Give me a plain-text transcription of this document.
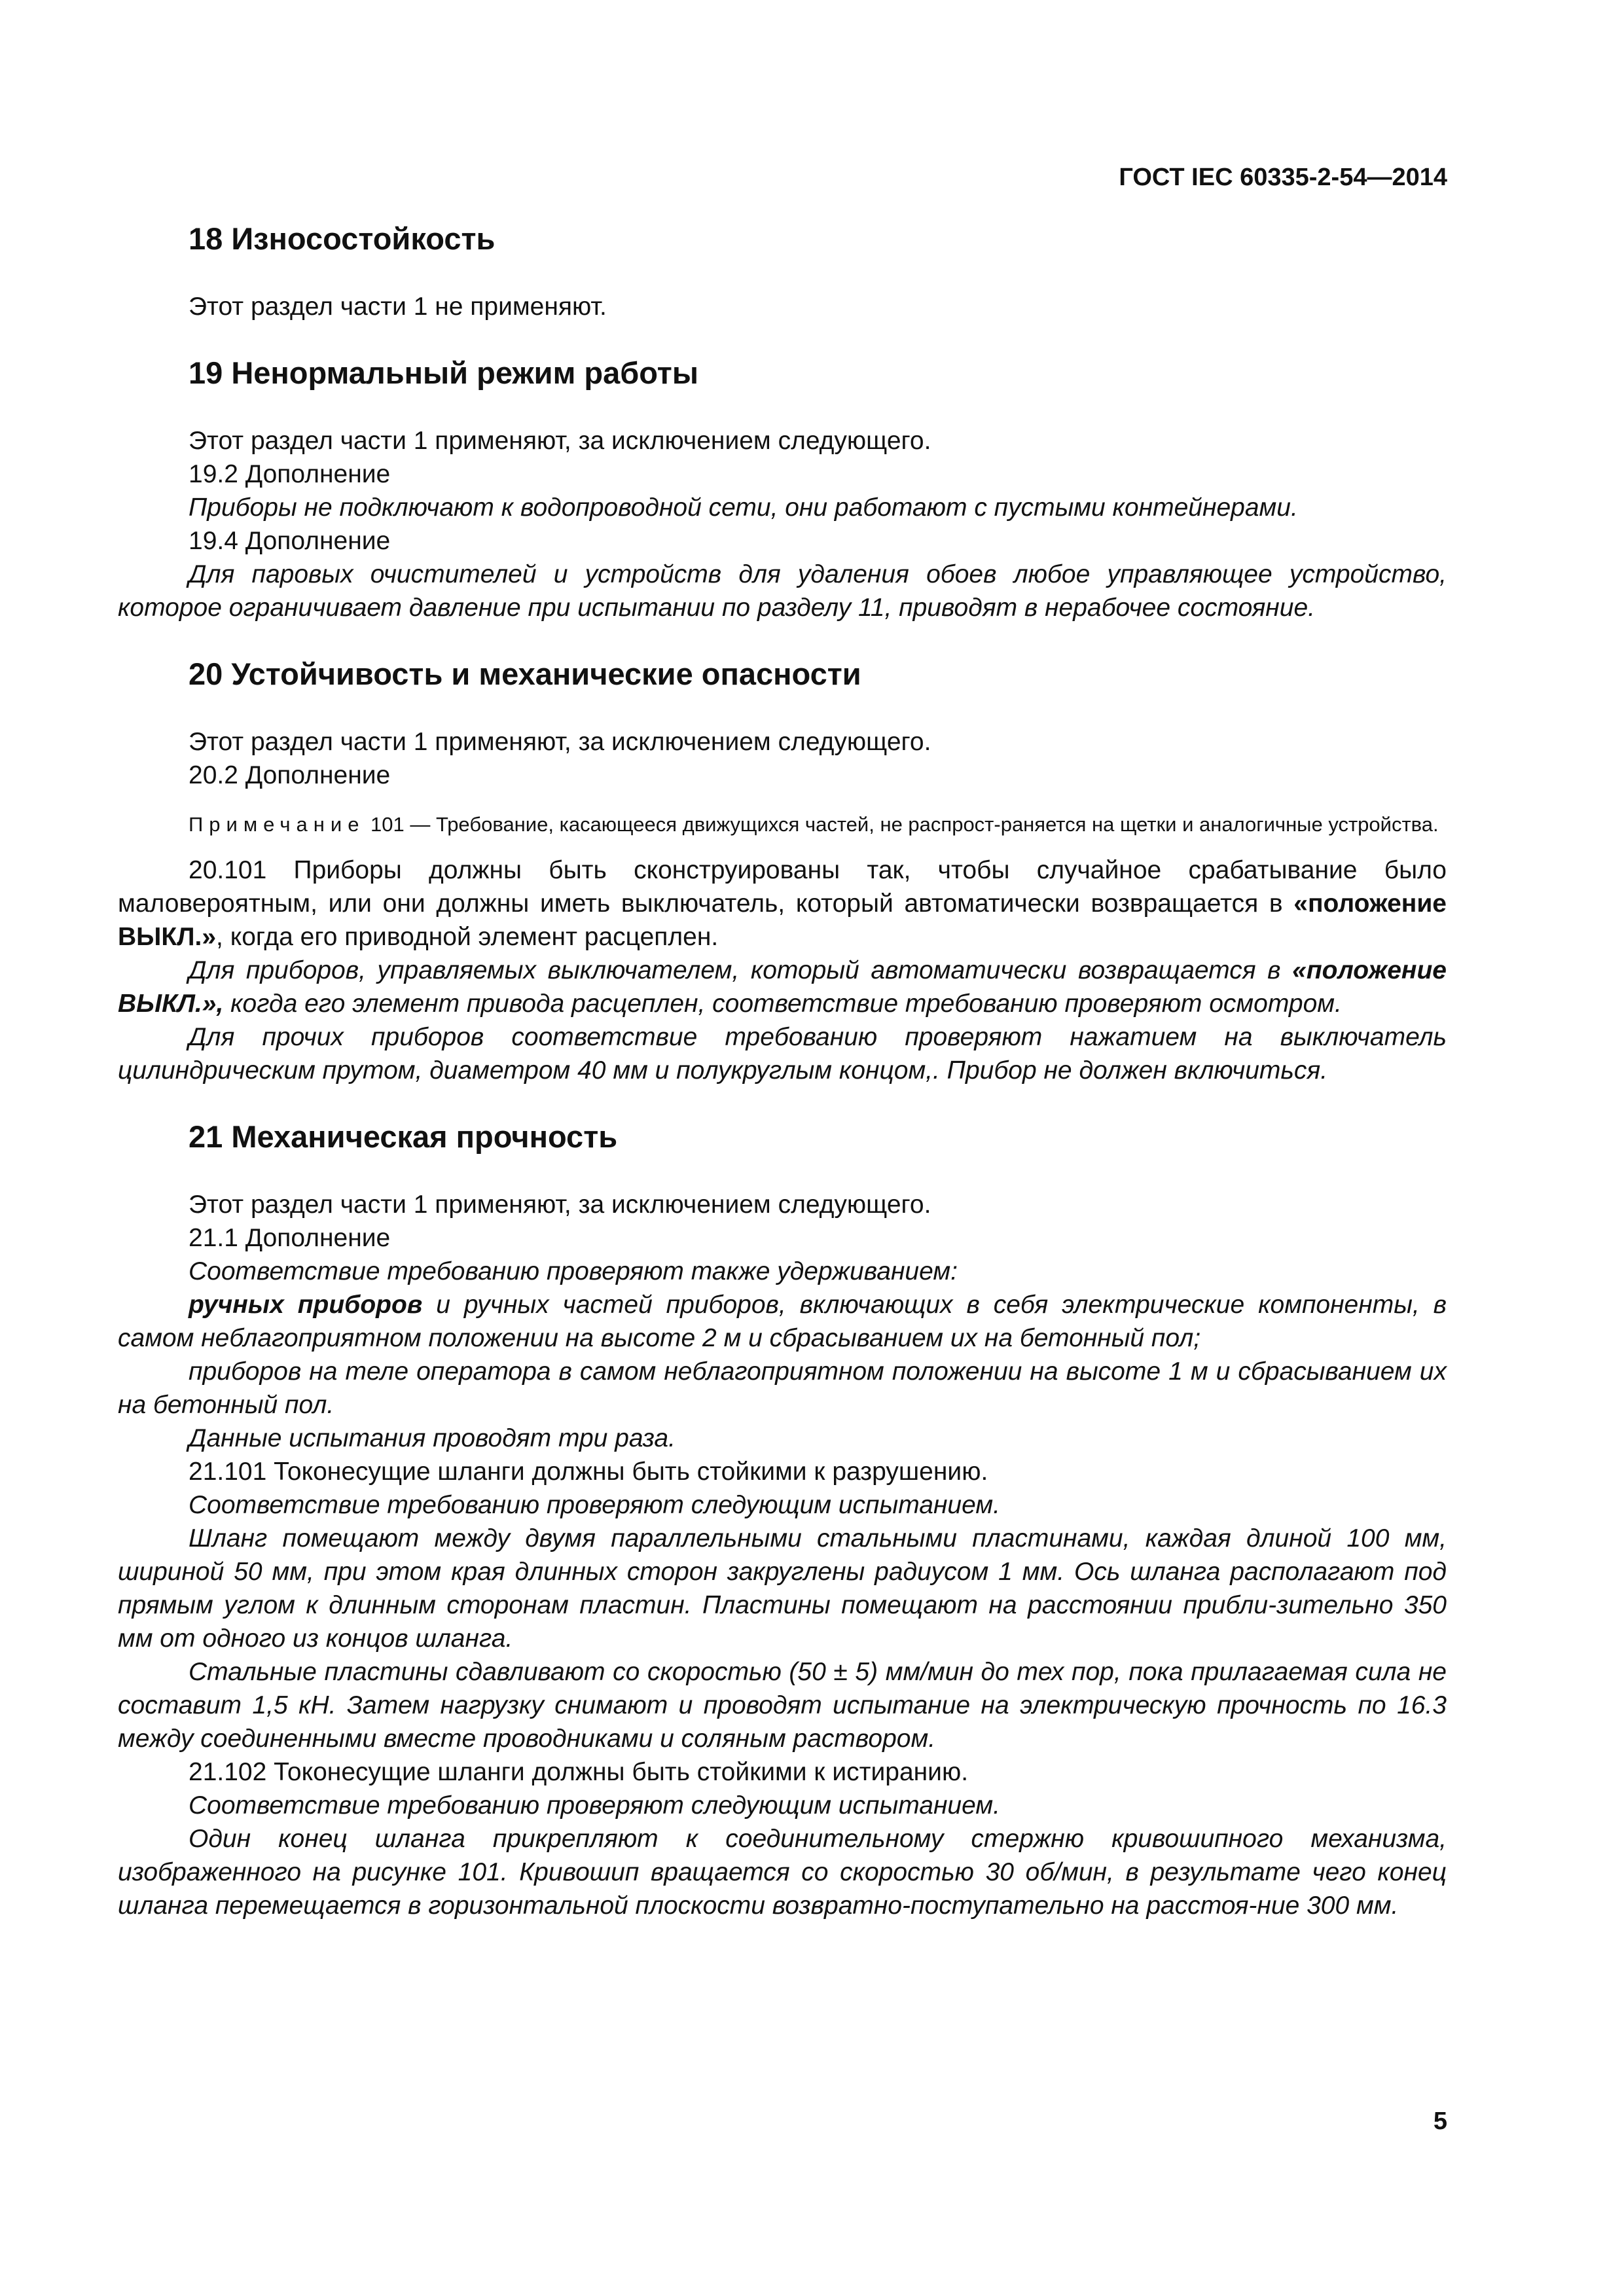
ГОСТ IEC 60335-2-54—2014
18 Износостойкость

Этот раздел части 1 не применяют.

19 Ненормальный режим работы

Этот раздел части 1 применяют, за исключением следующего.

19.2 Дополнение

Приборы не подключают к водопроводной сети, они работают с пустыми контейнерами.

19.4 Дополнение

Для паровых очистителей и устройств для удаления обоев любое управляющее устройство, которое ограничивает давление при испытании по разделу 11, приводят в нерабочее состояние.

20 Устойчивость и механические опасности

Этот раздел части 1 применяют, за исключением следующего.

20.2 Дополнение

Примечание 101 — Требование, касающееся движущихся частей, не распрост-раняется на щетки и аналогичные устройства.

20.101 Приборы должны быть сконструированы так, чтобы случайное срабатывание было маловероятным, или они должны иметь выключатель, который автоматически возвращается в «положение ВЫКЛ.», когда его приводной элемент расцеплен.

Для приборов, управляемых выключателем, который автоматически возвращается в «положение ВЫКЛ.», когда его элемент привода расцеплен, соответствие требованию проверяют осмотром.

Для прочих приборов соответствие требованию проверяют нажатием на выключатель цилиндрическим прутом, диаметром 40 мм и полукруглым концом,. Прибор не должен включиться.

21 Механическая прочность

Этот раздел части 1 применяют, за исключением следующего.

21.1 Дополнение

Соответствие требованию проверяют также удерживанием:

ручных приборов и ручных частей приборов, включающих в себя электрические компоненты, в самом неблагоприятном положении на высоте 2 м и сбрасыванием их на бетонный пол;

приборов на теле оператора в самом неблагоприятном положении на высоте 1 м и сбрасыванием их на бетонный пол.

Данные испытания проводят три раза.

21.101 Токонесущие шланги должны быть стойкими к разрушению.

Соответствие требованию проверяют следующим испытанием.

Шланг помещают между двумя параллельными стальными пластинами, каждая длиной 100 мм, шириной 50 мм, при этом края длинных сторон закруглены радиусом 1 мм. Ось шланга располагают под прямым углом к длинным сторонам пластин. Пластины помещают на расстоянии прибли-зительно 350 мм от одного из концов шланга.

Стальные пластины сдавливают со скоростью (50 ± 5) мм/мин до тех пор, пока прилагаемая сила не составит 1,5 кН. Затем нагрузку снимают и проводят испытание на электрическую прочность по 16.3 между соединенными вместе проводниками и соляным раствором.

21.102 Токонесущие шланги должны быть стойкими к истиранию.

Соответствие требованию проверяют следующим испытанием.

Один конец шланга прикрепляют к соединительному стержню кривошипного механизма, изображенного на рисунке 101. Кривошип вращается со скоростью 30 об/мин, в результате чего конец шланга перемещается в горизонтальной плоскости возвратно-поступательно на расстоя-ние 300 мм.

5
